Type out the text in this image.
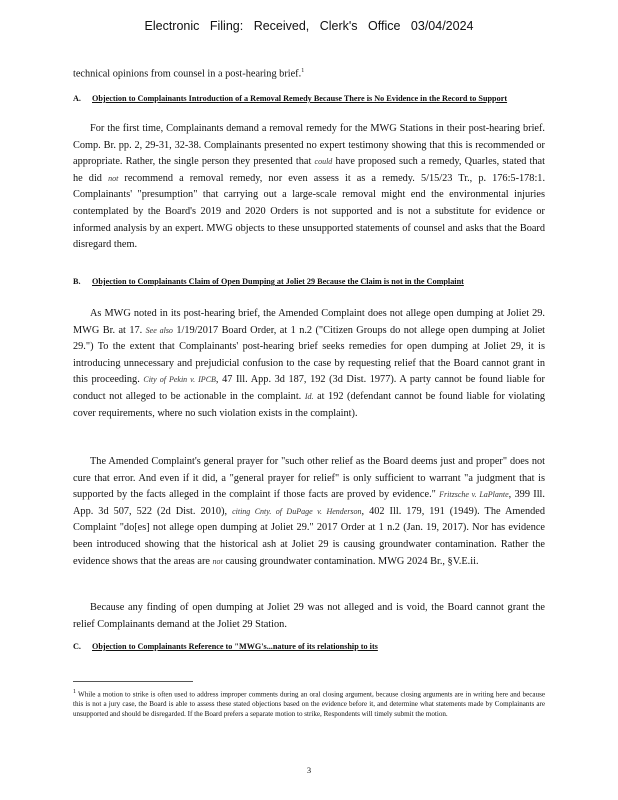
Electronic Filing: Received, Clerk's Office 03/04/2024

technical opinions from counsel in a post-hearing brief.$^1$

A.	Objection to Complainants Introduction of a Removal Remedy Because There is No Evidence in the Record to Support

For the first time, Complainants demand a removal remedy for the MWG Stations in their post-hearing brief. Comp. Br. pp. 2, 29-31, 32-38. Complainants presented no expert testimony showing that this is recommended or appropriate. Rather, the single person they presented that could have proposed such a remedy, Quarles, stated that he did not recommend a removal remedy, nor even assess it as a remedy. 5/15/23 Tr., p. 176:5-178:1. Complainants' "presumption" that carrying out a large-scale removal might end the environmental injuries contemplated by the Board's 2019 and 2020 Orders is not supported and is not a substitute for evidence or informed analysis by an expert. MWG objects to these unsupported statements of counsel and asks that the Board disregard them.

B.	Objection to Complainants Claim of Open Dumping at Joliet 29 Because the Claim is not in the Complaint

As MWG noted in its post-hearing brief, the Amended Complaint does not allege open dumping at Joliet 29. MWG Br. at 17. See also 1/19/2017 Board Order, at 1 n.2 ("Citizen Groups do not allege open dumping at Joliet 29.") To the extent that Complainants' post-hearing brief seeks remedies for open dumping at Joliet 29, it is introducing unnecessary and prejudicial confusion to the case by requesting relief that the Board cannot grant in this proceeding. City of Pekin v. IPCB, 47 Ill. App. 3d 187, 192 (3d Dist. 1977). A party cannot be found liable for conduct not alleged to be actionable in the complaint. Id. at 192 (defendant cannot be found liable for violating cover requirements, where no such violation exists in the complaint).

The Amended Complaint's general prayer for "such other relief as the Board deems just and proper" does not cure that error. And even if it did, a "general prayer for relief" is only sufficient to warrant "a judgment that is supported by the facts alleged in the complaint if those facts are proved by evidence." Fritzsche v. LaPlante, 399 Ill. App. 3d 507, 522 (2d Dist. 2010), citing Cnty. of DuPage v. Henderson, 402 Ill. 179, 191 (1949). The Amended Complaint "do[es] not allege open dumping at Joliet 29." 2017 Order at 1 n.2 (Jan. 19, 2017). Nor has evidence been introduced showing that the historical ash at Joliet 29 is causing groundwater contamination. Rather the evidence shows that the areas are not causing groundwater contamination. MWG 2024 Br., §V.E.ii.

Because any finding of open dumping at Joliet 29 was not alleged and is void, the Board cannot grant the relief Complainants demand at the Joliet 29 Station.

C.	Objection to Complainants Reference to "MWG's...nature of its relationship to its

$^1$ While a motion to strike is often used to address improper comments during an oral closing argument, because closing arguments are in writing here and because this is not a jury case, the Board is able to assess these stated objections based on the evidence before it, and determine what statements made by Complainants are unsupported and should be disregarded. If the Board prefers a separate motion to strike, Respondents will timely submit the motion.
3
